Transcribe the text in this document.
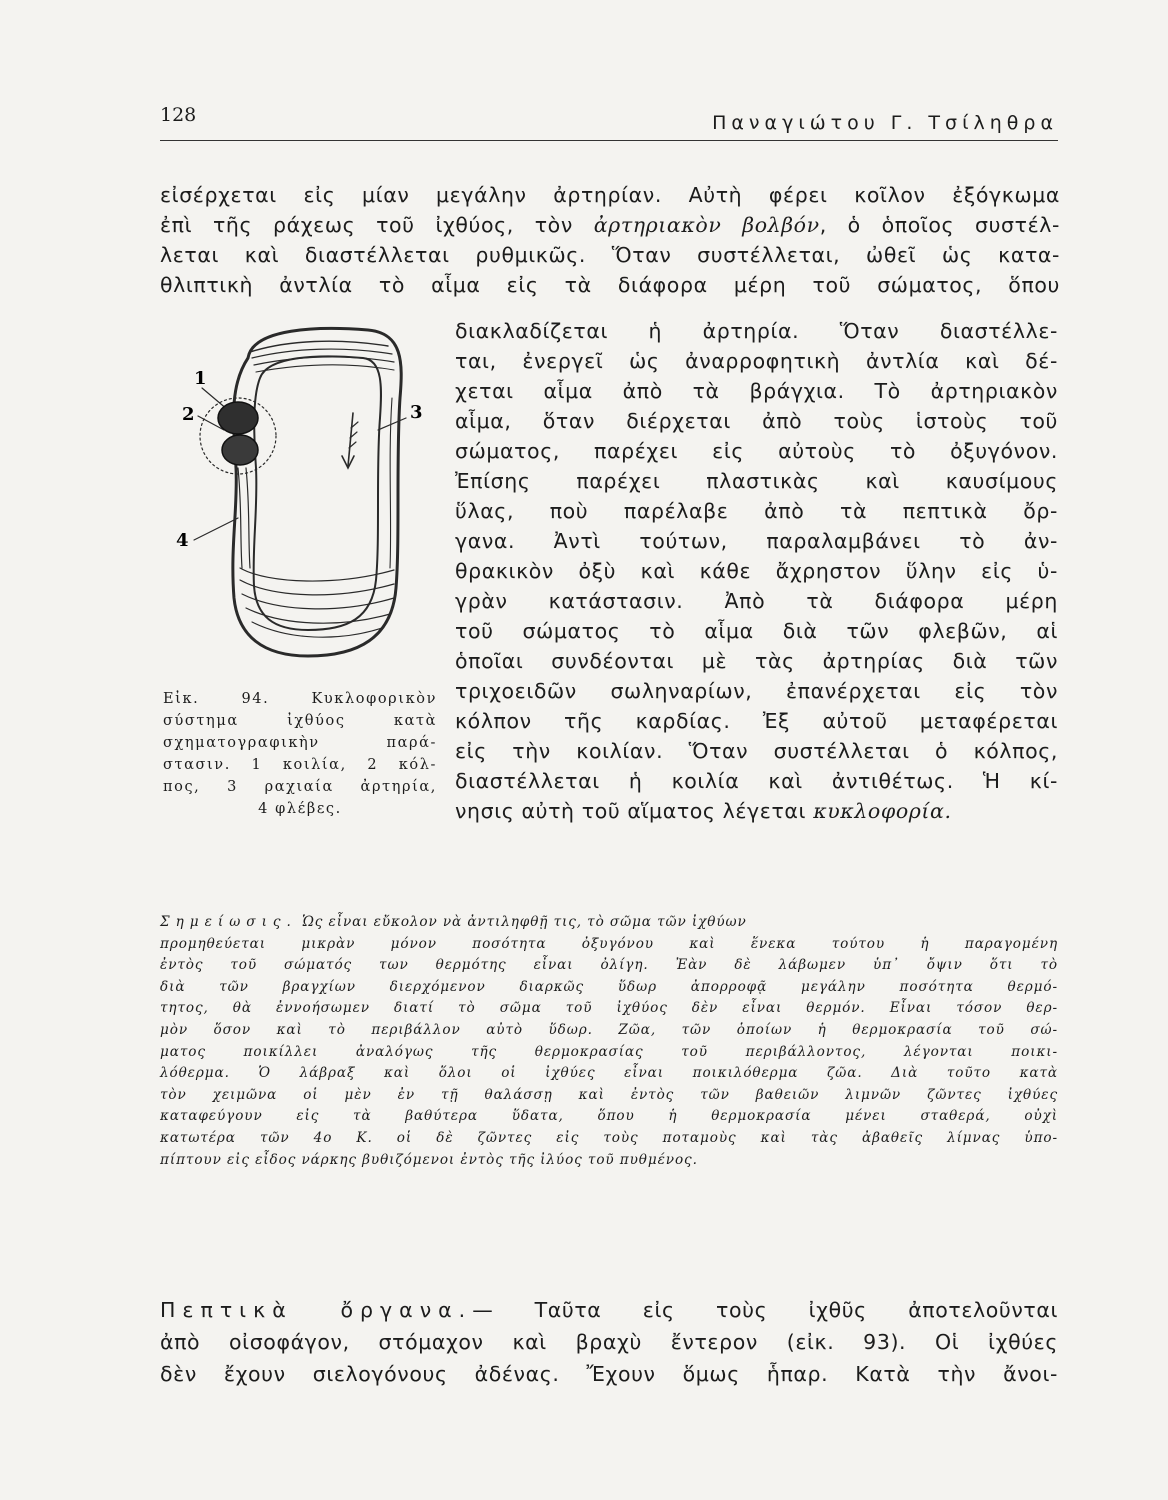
128	Παναγιώτου Γ. Τσίληθρα
εἰσέρχεται εἰς μίαν μεγάλην ἀρτηρίαν. Αὐτὴ φέρει κοῖλον ἐξόγκωμα
ἐπὶ τῆς ράχεως τοῦ ἰχθύος, τὸν ἀρτηριακὸν βολβόν, ὁ ὁποῖος συστέλ-
λεται καὶ διαστέλλεται ρυθμικῶς. Ὅταν συστέλλεται, ὠθεῖ ὡς κατα-
θλιπτικὴ ἀντλία τὸ αἷμα εἰς τὰ διάφορα μέρη τοῦ σώματος, ὅπου
1
2	3
4
Εἰκ. 94. Κυκλοφορικὸν
σύστημα ἰχθύος κατὰ
σχηματογραφικὴν παρά-
στασιν. 1 κοιλία, 2 κόλ-
πος, 3 ραχιαία ἀρτηρία,
4 φλέβες.
διακλαδίζεται ἡ ἀρτηρία. Ὅταν διαστέλλε-
ται, ἐνεργεῖ ὡς ἀναρροφητικὴ ἀντλία καὶ δέ-
χεται αἷμα ἀπὸ τὰ βράγχια. Τὸ ἀρτηριακὸν
αἷμα, ὅταν διέρχεται ἀπὸ τοὺς ἱστοὺς τοῦ
σώματος, παρέχει εἰς αὐτοὺς τὸ ὀξυγόνον.
Ἐπίσης παρέχει πλαστικὰς καὶ καυσίμους
ὕλας, ποὺ παρέλαβε ἀπὸ τὰ πεπτικὰ ὄρ-
γανα. Ἀντὶ τούτων, παραλαμβάνει τὸ ἀν-
θρακικὸν ὀξὺ καὶ κάθε ἄχρηστον ὕλην εἰς ὑ-
γρὰν κατάστασιν. Ἀπὸ τὰ διάφορα μέρη
τοῦ σώματος τὸ αἷμα διὰ τῶν φλεβῶν, αἱ
ὁποῖαι συνδέονται μὲ τὰς ἀρτηρίας διὰ τῶν
τριχοειδῶν σωληναρίων, ἐπανέρχεται εἰς τὸν
κόλπον τῆς καρδίας. Ἐξ αὐτοῦ μεταφέρεται
εἰς τὴν κοιλίαν. Ὅταν συστέλλεται ὁ κόλπος,
διαστέλλεται ἡ κοιλία καὶ ἀντιθέτως. Ἡ κί-
νησις αὐτὴ τοῦ αἵματος λέγεται κυκλοφορία.
Σημείωσις. Ὡς εἶναι εὔκολον νὰ ἀντιληφθῇ τις, τὸ σῶμα τῶν ἰχθύων
προμηθεύεται μικρὰν μόνον ποσότητα ὀξυγόνου καὶ ἕνεκα τούτου ἡ παραγομένη
ἐντὸς τοῦ σώματός των θερμότης εἶναι ὀλίγη. Ἐὰν δὲ λάβωμεν ὑπ᾽ ὄψιν ὅτι τὸ
διὰ τῶν βραγχίων διερχόμενον διαρκῶς ὕδωρ ἀπορροφᾷ μεγάλην ποσότητα θερμό-
τητος, θὰ ἐννοήσωμεν διατί τὸ σῶμα τοῦ ἰχθύος δὲν εἶναι θερμόν. Εἶναι τόσον θερ-
μὸν ὅσον καὶ τὸ περιβάλλον αὐτὸ ὕδωρ. Ζῶα, τῶν ὁποίων ἡ θερμοκρασία τοῦ σώ-
ματος ποικίλλει ἀναλόγως τῆς θερμοκρασίας τοῦ περιβάλλοντος, λέγονται ποικι-
λόθερμα. Ὁ λάβραξ καὶ ὅλοι οἱ ἰχθύες εἶναι ποικιλόθερμα ζῶα. Διὰ τοῦτο κατὰ
τὸν χειμῶνα οἱ μὲν ἐν τῇ θαλάσσῃ καὶ ἐντὸς τῶν βαθειῶν λιμνῶν ζῶντες ἰχθύες
καταφεύγουν εἰς τὰ βαθύτερα ὕδατα, ὅπου ἡ θερμοκρασία μένει σταθερά, οὐχὶ
κατωτέρα τῶν 4ο Κ. οἱ δὲ ζῶντες εἰς τοὺς ποταμοὺς καὶ τὰς ἀβαθεῖς λίμνας ὑπο-
πίπτουν εἰς εἶδος νάρκης βυθιζόμενοι ἐντὸς τῆς ἰλύος τοῦ πυθμένος.
Πεπτικὰ ὄργανα.— Ταῦτα εἰς τοὺς ἰχθῦς ἀποτελοῦνται
ἀπὸ οἰσοφάγον, στόμαχον καὶ βραχὺ ἔντερον (εἰκ. 93). Οἱ ἰχθύες
δὲν ἔχουν σιελογόνους ἀδένας. Ἔχουν ὅμως ἧπαρ. Κατὰ τὴν ἄνοι-
